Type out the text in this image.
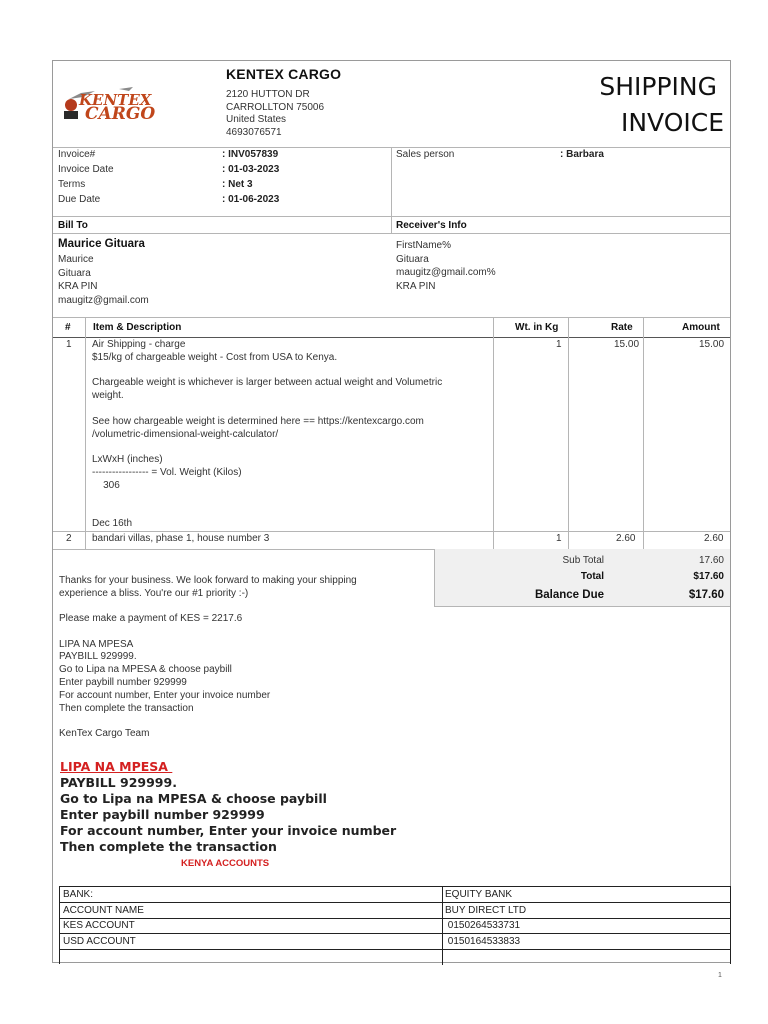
KENTEX
CARGO
KENTEX CARGO
2120 HUTTON DR
CARROLLTON 75006
United States
4693076571
SHIPPING
INVOICE
Invoice#	: INV057839
Invoice Date	: 01-03-2023
Terms	: Net 3
Due Date	: 01-06-2023
Sales person	: Barbara
Bill To	Receiver's Info
Maurice Gituara
Maurice
Gituara
KRA PIN
maugitz@gmail.com
FirstName%
Gituara
maugitz@gmail.com%
KRA PIN
# Item & Description	Wt. in Kg	Rate	Amount
1 Air Shipping - charge
$15/kg of chargeable weight - Cost from USA to Kenya.
Chargeable weight is whichever is larger between actual weight and Volumetric
weight.
See how chargeable weight is determined here == https://kentexcargo.com
/volumetric-dimensional-weight-calculator/
LxWxH (inches)
----------------- = Vol. Weight (Kilos)
306
Dec 16th
1	15.00	15.00
2 bandari villas, phase 1, house number 3	1	2.60	2.60
Sub Total	17.60
Total	$17.60
Balance Due	$17.60
Thanks for your business. We look forward to making your shipping
experience a bliss. You're our #1 priority :-)
Please make a payment of KES = 2217.6
LIPA NA MPESA
PAYBILL 929999.
Go to Lipa na MPESA & choose paybill
Enter paybill number 929999
For account number, Enter your invoice number
Then complete the transaction
KenTex Cargo Team
LIPA NA MPESA
PAYBILL 929999.
Go to Lipa na MPESA & choose paybill
Enter paybill number 929999
For account number, Enter your invoice number
Then complete the transaction
KENYA ACCOUNTS
BANK:	EQUITY BANK
ACCOUNT NAME	BUY DIRECT LTD
KES ACCOUNT	0150264533731
USD ACCOUNT	0150164533833
1
